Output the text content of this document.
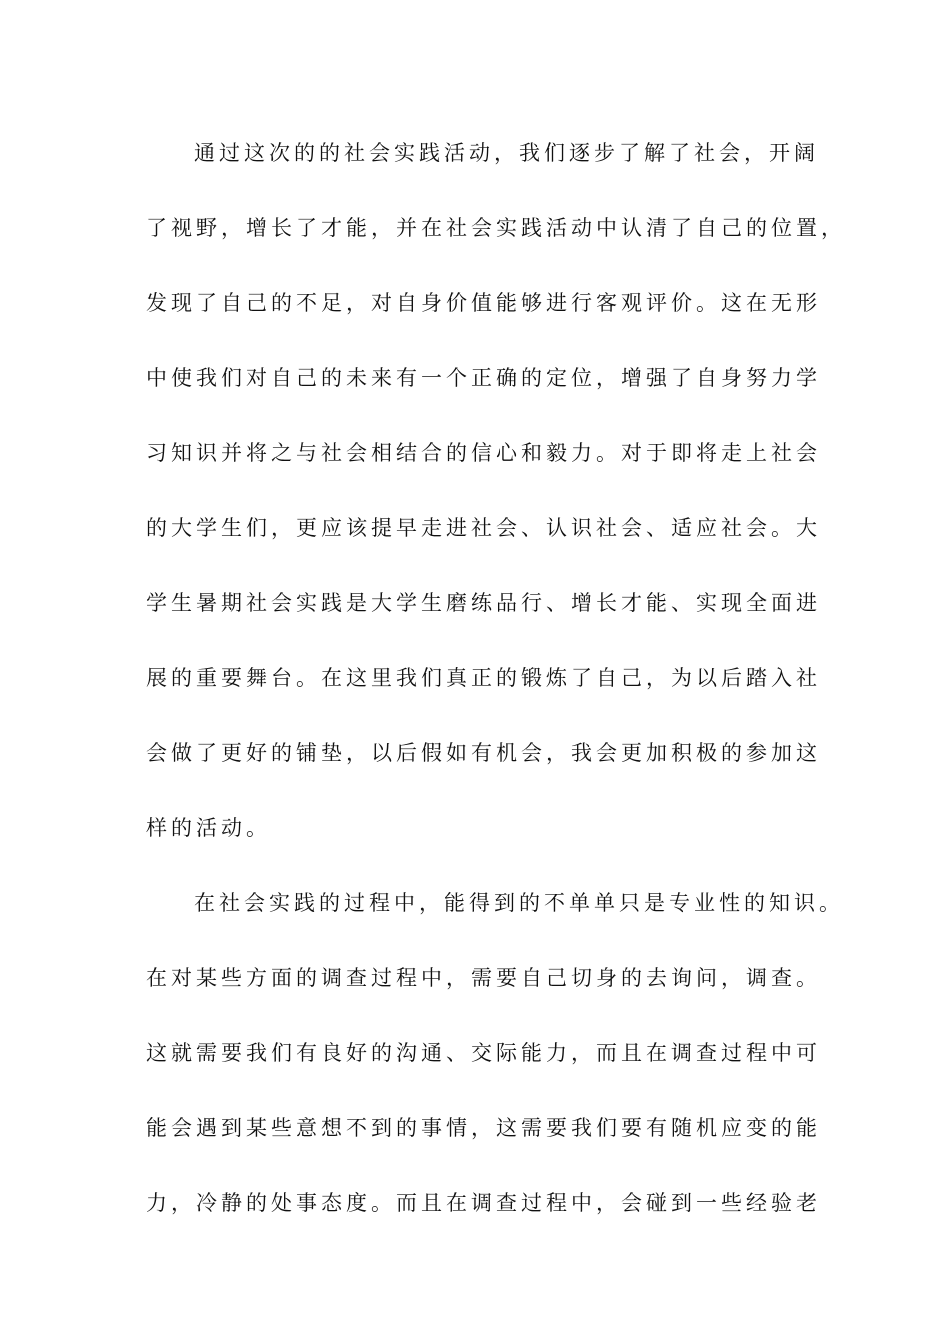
通过这次的的社会实践活动，我们逐步了解了社会，开阔
了视野，增长了才能，并在社会实践活动中认清了自己的位置，
发现了自己的不足，对自身价值能够进行客观评价。这在无形
中使我们对自己的未来有一个正确的定位，增强了自身努力学
习知识并将之与社会相结合的信心和毅力。对于即将走上社会
的大学生们，更应该提早走进社会、认识社会、适应社会。大
学生暑期社会实践是大学生磨练品行、增长才能、实现全面进
展的重要舞台。在这里我们真正的锻炼了自己，为以后踏入社
会做了更好的铺垫，以后假如有机会，我会更加积极的参加这
样的活动。
在社会实践的过程中，能得到的不单单只是专业性的知识。
在对某些方面的调查过程中，需要自己切身的去询问，调查。
这就需要我们有良好的沟通、交际能力，而且在调查过程中可
能会遇到某些意想不到的事情，这需要我们要有随机应变的能
力，冷静的处事态度。而且在调查过程中，会碰到一些经验老
